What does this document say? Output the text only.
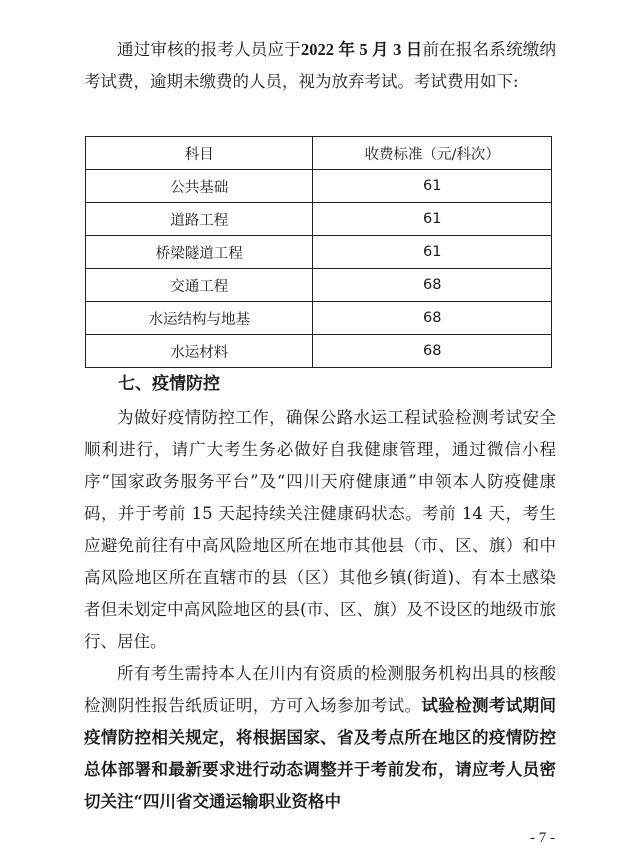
通过审核的报考人员应于2022 年 5 月 3 日前在报名系统缴纳考试费，逾期未缴费的人员，视为放弃考试。考试费用如下:

科目	收费标准（元/科次）
公共基础	61
道路工程	61
桥梁隧道工程	61
交通工程	68
水运结构与地基	68
水运材料	68
七、疫情防控

为做好疫情防控工作，确保公路水运工程试验检测考试安全顺利进行，请广大考生务必做好自我健康管理，通过微信小程序“国家政务服务平台”及“四川天府健康通”申领本人防疫健康码，并于考前 15 天起持续关注健康码状态。考前 14 天，考生应避免前往有中高风险地区所在地市其他县（市、区、旗）和中高风险地区所在直辖市的县（区）其他乡镇(街道)、有本土感染者但未划定中高风险地区的县(市、区、旗）及不设区的地级市旅行、居住。

所有考生需持本人在川内有资质的检测服务机构出具的核酸检测阴性报告纸质证明，方可入场参加考试。试验检测考试期间疫情防控相关规定，将根据国家、省及考点所在地区的疫情防控总体部署和最新要求进行动态调整并于考前发布，请应考人员密切关注“四川省交通运输职业资格中

- 7 -
